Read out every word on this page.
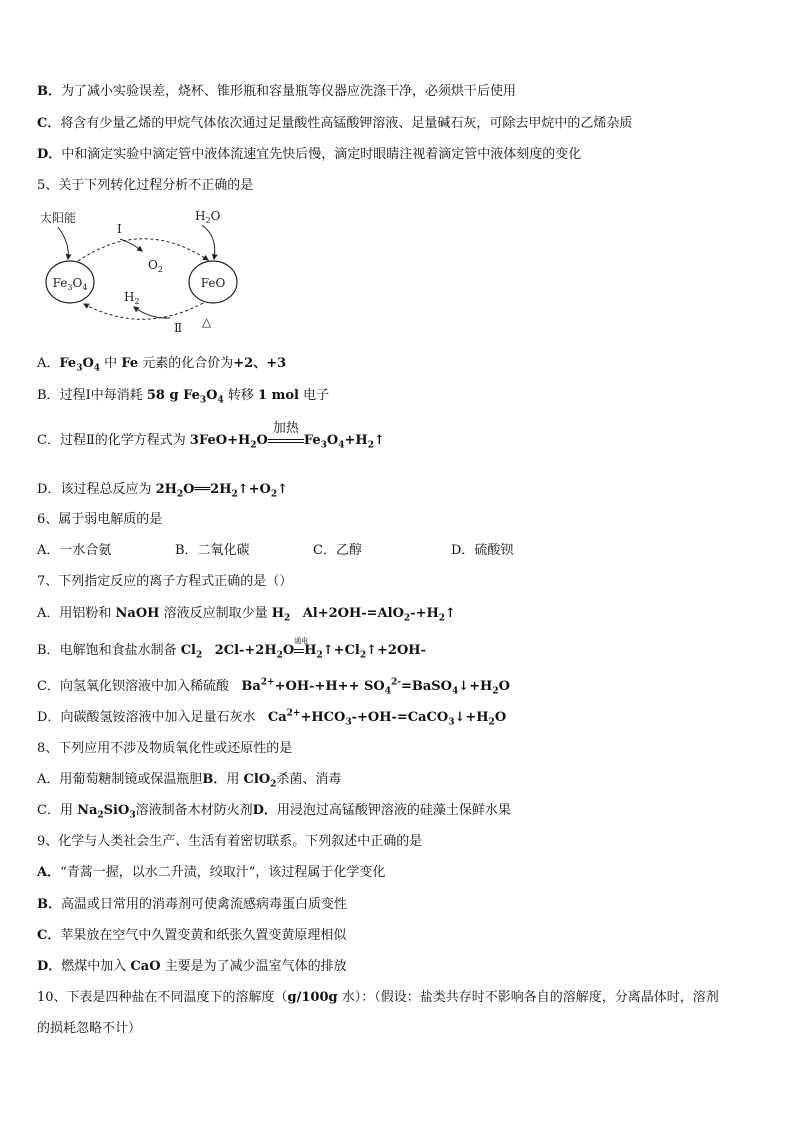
B．为了减小实验误差，烧杯、锥形瓶和容量瓶等仪器应洗涤干净，必须烘干后使用
C．将含有少量乙烯的甲烷气体依次通过足量酸性高锰酸钾溶液、足量碱石灰，可除去甲烷中的乙烯杂质
D．中和滴定实验中滴定管中液体流速宜先快后慢，滴定时眼睛注视着滴定管中液体刻度的变化
5、关于下列转化过程分析不正确的是
$Fe_3O_4$	FeO
太阳能	$H_2O$
I
$O_2$
$H_2$
Ⅱ △
A．$Fe_3O_4$ 中 Fe 元素的化合价为+2、+3
B．过程Ⅰ中每消耗 58 g $Fe_3O_4$ 转移 1 mol 电子
C．过程Ⅱ的化学方程式为 $3FeO+H_2O$
加热
$Fe_3O_4+H_2↑$
D．该过程总反应为 $2H_2O══2H_2↑+O_2↑$
6、属于弱电解质的是
A．一水合氨	B．二氧化碳	C．乙醇	D．硫酸钡
7、下列指定反应的离子方程式正确的是（）
A．用铝粉和 NaOH 溶液反应制取少量 $H_2$ $Al+2OH-=AlO_2-+H_2↑$
B．电解饱和食盐水制备 $Cl_2$ $2Cl-+2H_2O$
通电
$H_2↑+Cl_2↑+2OH-$
C．向氢氧化钡溶液中加入稀硫酸 $Ba^{2+}+OH-+H++$ $SO_4^{2-}=BaSO_4↓+H_2O$
D．向碳酸氢铵溶液中加入足量石灰水 $Ca^{2+}+HCO_3-+OH-=CaCO_3↓+H_2O$
8、下列应用不涉及物质氧化性或还原性的是
A．用葡萄糖制镜或保温瓶胆B．用 ClO$_2$杀菌、消毒
C．用 $Na_2SiO_3$溶液制备木材防火剂D．用浸泡过高锰酸钾溶液的硅藻土保鲜水果
9、化学与人类社会生产、生活有着密切联系。下列叙述中正确的是
A．“青蒿一握，以水二升渍，绞取汁”，该过程属于化学变化
B．高温或日常用的消毒剂可使禽流感病毒蛋白质变性
C．苹果放在空气中久置变黄和纸张久置变黄原理相似
D．燃煤中加入 CaO 主要是为了减少温室气体的排放
10、下表是四种盐在不同温度下的溶解度（g/100g 水）：（假设：盐类共存时不影响各自的溶解度，分离晶体时，溶剂
的损耗忽略不计）
